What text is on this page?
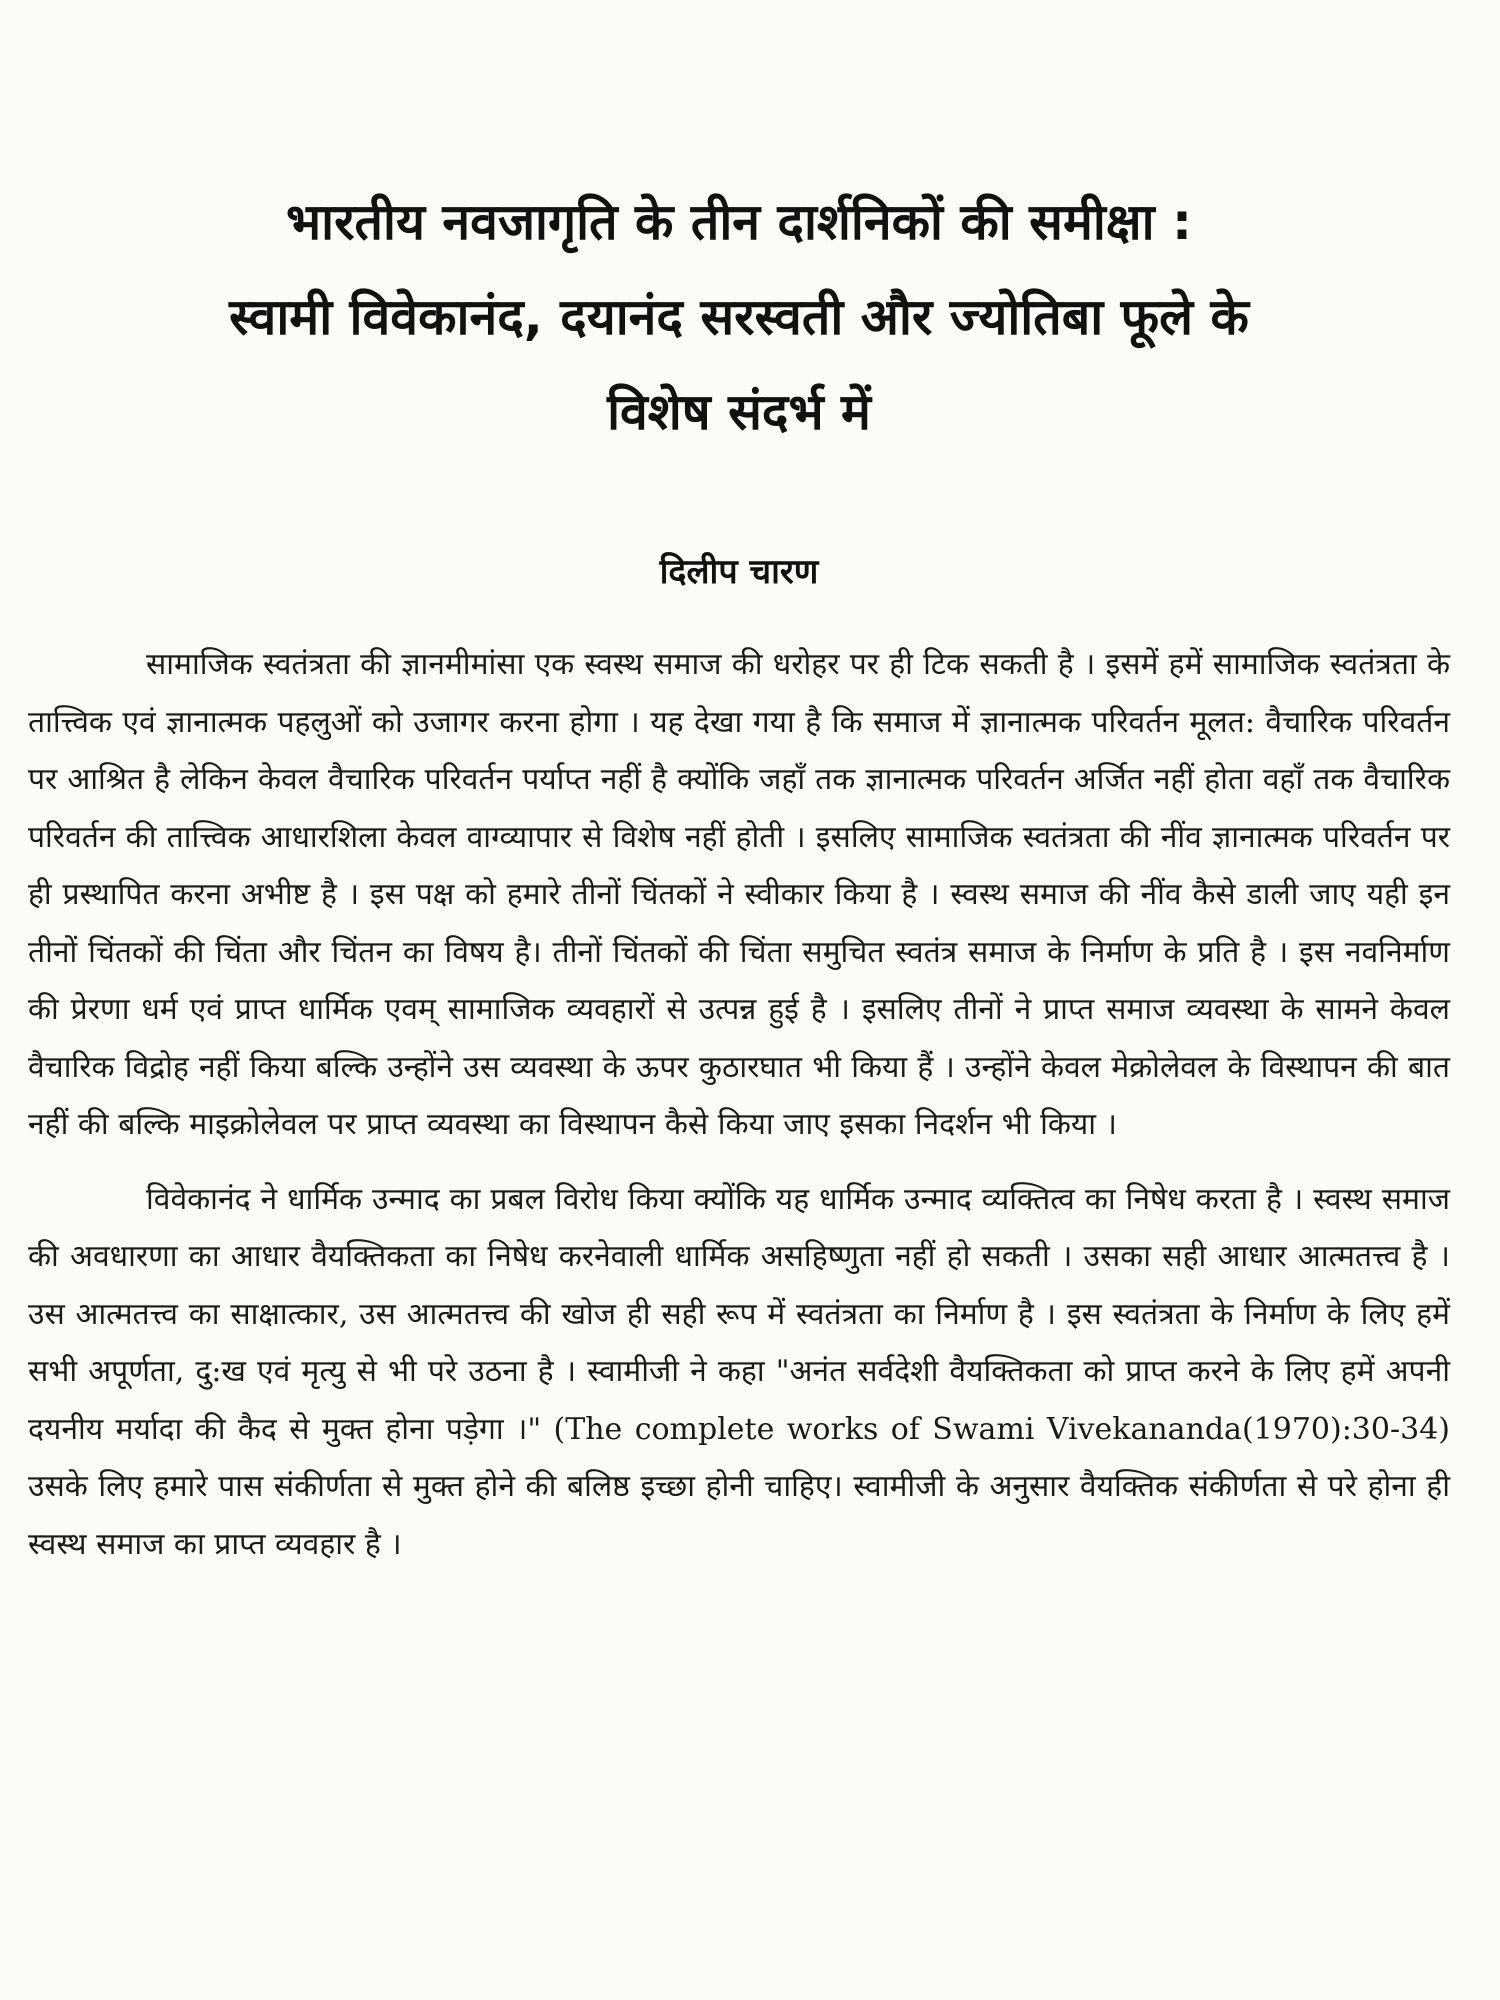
भारतीय नवजागृति के तीन दार्शनिकों की समीक्षा :
स्वामी विवेकानंद, दयानंद सरस्वती और ज्योतिबा फूले के
विशेष संदर्भ में

दिलीप चारण

सामाजिक स्वतंत्रता की ज्ञानमीमांसा एक स्वस्थ समाज की धरोहर पर ही टिक सकती है । इसमें हमें सामाजिक स्वतंत्रता के तात्त्विक एवं ज्ञानात्मक पहलुओं को उजागर करना होगा । यह देखा गया है कि समाज में ज्ञानात्मक परिवर्तन मूलत: वैचारिक परिवर्तन पर आश्रित है लेकिन केवल वैचारिक परिवर्तन पर्याप्त नहीं है क्योंकि जहाँ तक ज्ञानात्मक परिवर्तन अर्जित नहीं होता वहाँ तक वैचारिक परिवर्तन की तात्त्विक आधारशिला केवल वाग्व्यापार से विशेष नहीं होती । इसलिए सामाजिक स्वतंत्रता की नींव ज्ञानात्मक परिवर्तन पर ही प्रस्थापित करना अभीष्ट है । इस पक्ष को हमारे तीनों चिंतकों ने स्वीकार किया है । स्वस्थ समाज की नींव कैसे डाली जाए यही इन तीनों चिंतकों की चिंता और चिंतन का विषय है। तीनों चिंतकों की चिंता समुचित स्वतंत्र समाज के निर्माण के प्रति है । इस नवनिर्माण की प्रेरणा धर्म एवं प्राप्त धार्मिक एवम् सामाजिक व्यवहारों से उत्पन्न हुई है । इसलिए तीनों ने प्राप्त समाज व्यवस्था के सामने केवल वैचारिक विद्रोह नहीं किया बल्कि उन्होंने उस व्यवस्था के ऊपर कुठारघात भी किया हैं । उन्होंने केवल मेक्रोलेवल के विस्थापन की बात नहीं की बल्कि माइक्रोलेवल पर प्राप्त व्यवस्था का विस्थापन कैसे किया जाए इसका निदर्शन भी किया ।

विवेकानंद ने धार्मिक उन्माद का प्रबल विरोध किया क्योंकि यह धार्मिक उन्माद व्यक्तित्व का निषेध करता है । स्वस्थ समाज की अवधारणा का आधार वैयक्तिकता का निषेध करनेवाली धार्मिक असहिष्णुता नहीं हो सकती । उसका सही आधार आत्मतत्त्व है । उस आत्मतत्त्व का साक्षात्कार, उस आत्मतत्त्व की खोज ही सही रूप में स्वतंत्रता का निर्माण है । इस स्वतंत्रता के निर्माण के लिए हमें सभी अपूर्णता, दु:ख एवं मृत्यु से भी परे उठना है । स्वामीजी ने कहा "अनंत सर्वदेशी वैयक्तिकता को प्राप्त करने के लिए हमें अपनी दयनीय मर्यादा की कैद से मुक्त होना पड़ेगा ।" (The complete works of Swami Vivekananda(1970):30-34) उसके लिए हमारे पास संकीर्णता से मुक्त होने की बलिष्ठ इच्छा होनी चाहिए। स्वामीजी के अनुसार वैयक्तिक संकीर्णता से परे होना ही स्वस्थ समाज का प्राप्त व्यवहार है ।
